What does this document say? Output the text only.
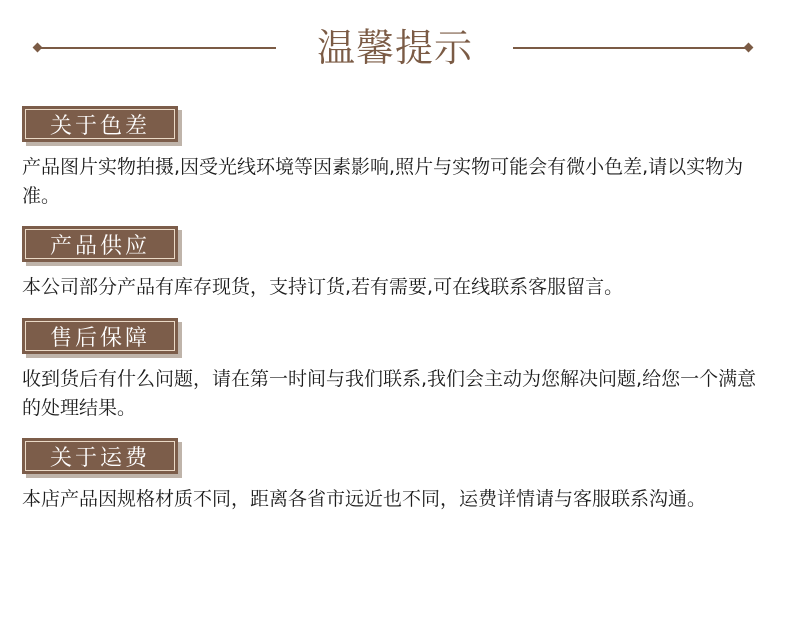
温馨提示
关于色差
产品图片实物拍摄,因受光线环境等因素影响,照片与实物可能会有微小色差,请以实物为准。
产品供应
本公司部分产品有库存现货，支持订货,若有需要,可在线联系客服留言。
售后保障
收到货后有什么问题，请在第一时间与我们联系,我们会主动为您解决问题,给您一个满意的处理结果。
关于运费
本店产品因规格材质不同，距离各省市远近也不同，运费详情请与客服联系沟通。
